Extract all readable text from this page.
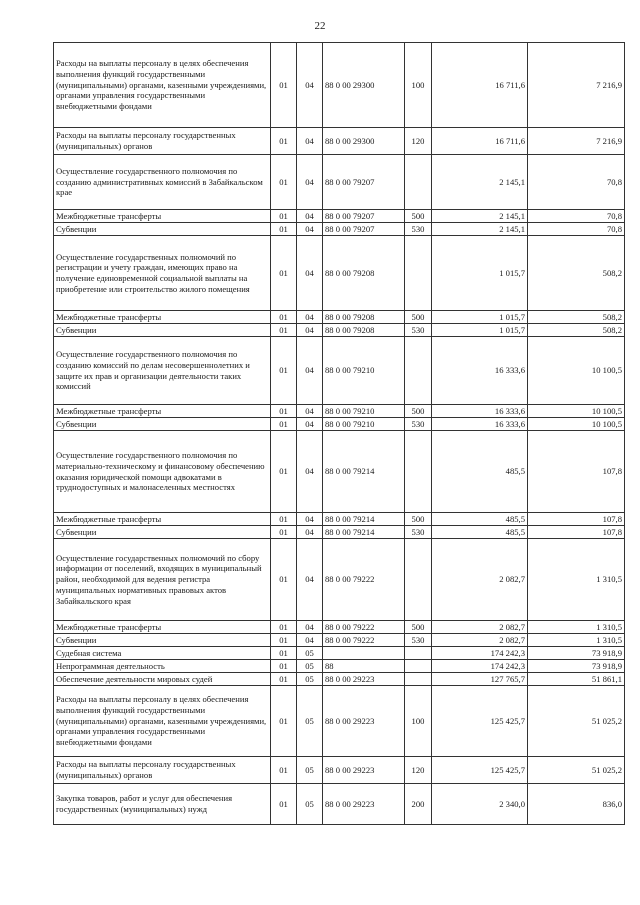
22
Расходы на выплаты персоналу в целях обеспечения выполнения функций государственными (муниципальными) органами, казенными учреждениями, органами управления государственными внебюджетными фондами	01	04	88 0 00 29300	100	16 711,6	7 216,9
Расходы на выплаты персоналу государственных (муниципальных) органов	01	04	88 0 00 29300	120	16 711,6	7 216,9
Осуществление государственного полномочия по созданию административных комиссий в Забайкальском крае	01	04	88 0 00 79207		2 145,1	70,8
Межбюджетные трансферты	01	04	88 0 00 79207	500	2 145,1	70,8
Субвенции	01	04	88 0 00 79207	530	2 145,1	70,8
Осуществление государственных полномочий по регистрации и учету граждан, имеющих право на получение единовременной социальной выплаты на приобретение или строительство жилого помещения	01	04	88 0 00 79208		1 015,7	508,2
Межбюджетные трансферты	01	04	88 0 00 79208	500	1 015,7	508,2
Субвенции	01	04	88 0 00 79208	530	1 015,7	508,2
Осуществление государственного полномочия по созданию комиссий по делам несовершеннолетних и защите их прав и организации деятельности таких комиссий	01	04	88 0 00 79210		16 333,6	10 100,5
Межбюджетные трансферты	01	04	88 0 00 79210	500	16 333,6	10 100,5
Субвенции	01	04	88 0 00 79210	530	16 333,6	10 100,5
Осуществление государственного полномочия по материально-техническому и финансовому обеспечению оказания юридической помощи адвокатами в труднодоступных и малонаселенных местностях	01	04	88 0 00 79214		485,5	107,8
Межбюджетные трансферты	01	04	88 0 00 79214	500	485,5	107,8
Субвенции	01	04	88 0 00 79214	530	485,5	107,8
Осуществление государственных полномочий по сбору информации от поселений, входящих в муниципальный район, необходимой для ведения регистра муниципальных нормативных правовых актов Забайкальского края	01	04	88 0 00 79222		2 082,7	1 310,5
Межбюджетные трансферты	01	04	88 0 00 79222	500	2 082,7	1 310,5
Субвенции	01	04	88 0 00 79222	530	2 082,7	1 310,5
Судебная система	01	05			174 242,3	73 918,9
Непрограммная деятельность	01	05	88		174 242,3	73 918,9
Обеспечение деятельности мировых судей	01	05	88 0 00 29223		127 765,7	51 861,1
Расходы на выплаты персоналу в целях обеспечения выполнения функций государственными (муниципальными) органами, казенными учреждениями, органами управления государственными внебюджетными фондами	01	05	88 0 00 29223	100	125 425,7	51 025,2
Расходы на выплаты персоналу государственных (муниципальных) органов	01	05	88 0 00 29223	120	125 425,7	51 025,2
Закупка товаров, работ и услуг для обеспечения государственных (муниципальных) нужд	01	05	88 0 00 29223	200	2 340,0	836,0
